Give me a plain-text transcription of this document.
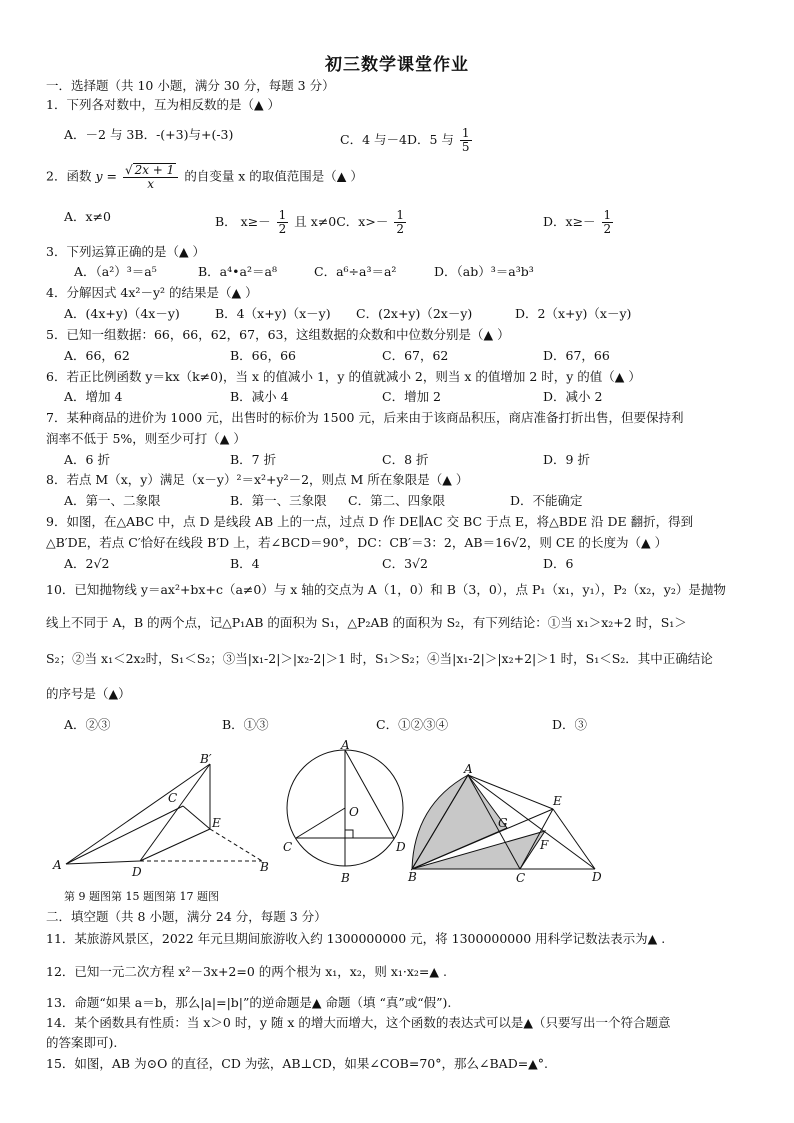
初三数学课堂作业
一．选择题（共 10 小题，满分 30 分，每题 3 分）
1．下列各对数中，互为相反数的是（▲ ）
A．－2 与 3B．-(+3)与+(-3)	C．4 与－4D．5 与 $\frac{1}{5}$
2．函数 $y = \frac{√ 2x + 1}{x}$ 的自变量 x 的取值范围是（▲ ）
A．x≠0	B． $x\ge- \frac{1}{2}$ 且 x≠0C．$x>- \frac{1}{2}$	D．$x\ge- \frac{1}{2}$
3．下列运算正确的是（▲ ）
A．（a²）³＝a⁵	B．a⁴•a²＝a⁸	C．a⁶÷a³＝a²	D．（ab）³＝a³b³
4．分解因式 4x²－y² 的结果是（▲ ）
A．(4x+y)（4x－y)	B．4（x+y)（x－y) C．(2x+y)（2x－y)	D．2（x+y)（x－y)
5．已知一组数据：66，66，62，67，63，这组数据的众数和中位数分别是（▲ ）
A．66，62	B．66，66	C．67，62	D．67，66
6．若正比例函数 y＝kx（k≠0)，当 x 的值减小 1，y 的值就减小 2，则当 x 的值增加 2 时，y 的值（▲ ）
A．增加 4	B．减小 4	C．增加 2	D．减小 2
7．某种商品的进价为 1000 元，出售时的标价为 1500 元，后来由于该商品积压，商店准备打折出售，但要保持利
润率不低于 5%，则至少可打（▲ ）
A．6 折	B．7 折	C．8 折	D．9 折
8．若点 M（x，y）满足（x－y）²＝x²+y²－2，则点 M 所在象限是（▲ ）
A．第一、二象限	B．第一、三象限 C．第二、四象限	D．不能确定
9．如图，在△ABC 中，点 D 是线段 AB 上的一点，过点 D 作 DE∥AC 交 BC 于点 E，将△BDE 沿 DE 翻折，得到
△B′DE，若点 C′恰好在线段 B′D 上，若∠BCD＝90°，DC：CB′＝3：2，AB＝16√2，则 CE 的长度为（▲ ）
A．2√2	B．4	C．3√2	D．6
10．已知抛物线 y＝ax²+bx+c（a≠0）与 x 轴的交点为 A（1，0）和 B（3，0），点 P₁（x₁，y₁），P₂（x₂，y₂）是抛物
线上不同于 A，B 的两个点，记△P₁AB 的面积为 S₁，△P₂AB 的面积为 S₂，有下列结论：①当 x₁＞x₂+2 时，S₁＞
S₂；②当 x₁＜2x₂时，S₁＜S₂；③当|x₁-2|＞|x₂-2|＞1 时，S₁＞S₂；④当|x₁-2|＞|x₂+2|＞1 时，S₁＜S₂．其中正确结论
的序号是（▲）
A．②③	B．①③	C．①②③④	D．③
B′
C
E
A	D	B
A
O
C	D
B
A
E
G
F
B	C	D
第 9 题图第 15 题图第 17 题图
二．填空题（共 8 小题，满分 24 分，每题 3 分）
11．某旅游风景区，2022 年元旦期间旅游收入约 1300000000 元，将 1300000000 用科学记数法表示为▲ .
12．已知一元二次方程 x²－3x+2=0 的两个根为 x₁，x₂，则 x₁·x₂=▲ .
13．命题“如果 a＝b，那么|a|=|b|”的逆命题是▲ 命题（填 “真”或“假”).
14．某个函数具有性质：当 x＞0 时，y 随 x 的增大而增大，这个函数的表达式可以是▲（只要写出一个符合题意
的答案即可).
15．如图，AB 为⊙O 的直径，CD 为弦，AB⊥CD，如果∠COB=70°，那么∠BAD=▲°.
